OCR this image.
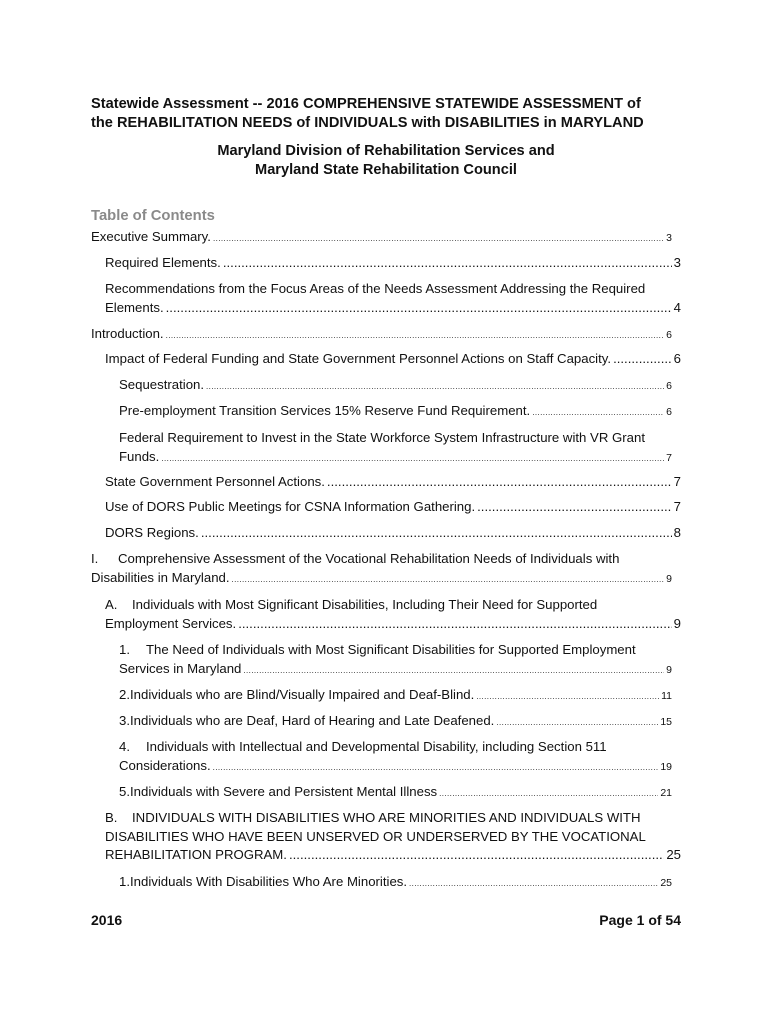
Statewide Assessment -- 2016 COMPREHENSIVE STATEWIDE ASSESSMENT of
the REHABILITATION NEEDS of INDIVIDUALS with DISABILITIES in MARYLAND
Maryland Division of Rehabilitation Services and
Maryland State Rehabilitation Council
Table of Contents
Executive Summary. .....	3
Required Elements. .....	3
Recommendations from the Focus Areas of the Needs Assessment Addressing the Required
Elements. .....	4
Introduction. .....	6
Impact of Federal Funding and State Government Personnel Actions on Staff Capacity. .....	6
Sequestration. .....	6
Pre-employment Transition Services 15% Reserve Fund Requirement. .....	6
Federal Requirement to Invest in the State Workforce System Infrastructure with VR Grant
Funds. .....	7
State Government Personnel Actions. .....	7
Use of DORS Public Meetings for CSNA Information Gathering. .....	7
DORS Regions. .....	8
I. Comprehensive Assessment of the Vocational Rehabilitation Needs of Individuals with
Disabilities in Maryland. .....	9
A. Individuals with Most Significant Disabilities, Including Their Need for Supported
Employment Services. .....	9
1. The Need of Individuals with Most Significant Disabilities for Supported Employment
Services in Maryland .....	9
2. Individuals who are Blind/Visually Impaired and Deaf-Blind. .....	11
3. Individuals who are Deaf, Hard of Hearing and Late Deafened. .....	15
4. Individuals with Intellectual and Developmental Disability, including Section 511
Considerations. .....	19
5. Individuals with Severe and Persistent Mental Illness .....	21
B. INDIVIDUALS WITH DISABILITIES WHO ARE MINORITIES AND INDIVIDUALS WITH
DISABILITIES WHO HAVE BEEN UNSERVED OR UNDERSERVED BY THE VOCATIONAL
REHABILITATION PROGRAM. .....	25
1. Individuals With Disabilities Who Are Minorities. .....	25
2016	Page 1 of 54
